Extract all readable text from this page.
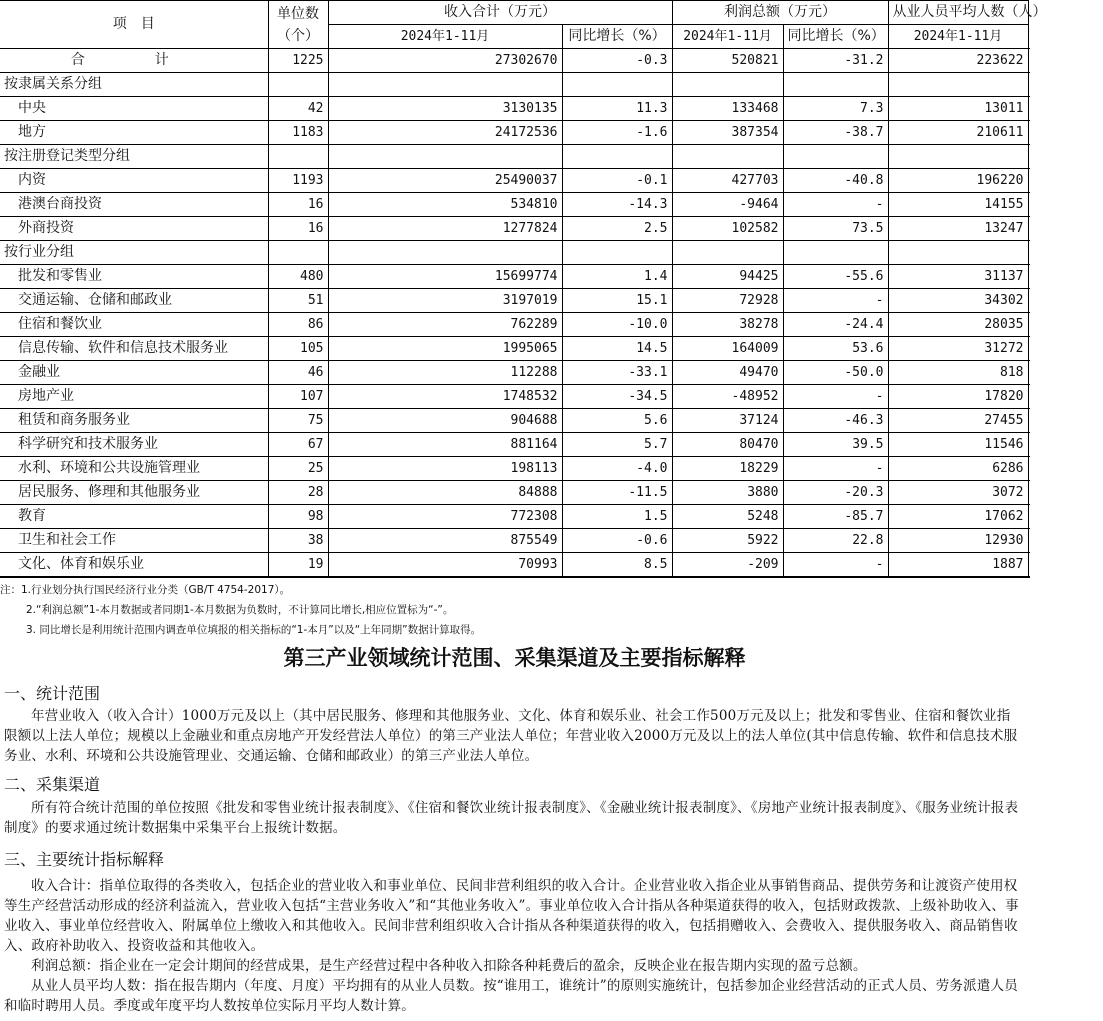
项　目	单位数（个）	收入合计（万元）	利润总额（万元）	从业人员平均人数（人）
2024年1-11月	同比增长（%）	2024年1-11月	同比增长（%）	2024年1-11月	
合　计	1225	27302670	-0.3	520821	-31.2	223622	
按隶属关系分组							
中央	42	3130135	11.3	133468	7.3	13011	
地方	1183	24172536	-1.6	387354	-38.7	210611	
按注册登记类型分组							
内资	1193	25490037	-0.1	427703	-40.8	196220	
港澳台商投资	16	534810	-14.3	-9464	-	14155	
外商投资	16	1277824	2.5	102582	73.5	13247	
按行业分组							
批发和零售业	480	15699774	1.4	94425	-55.6	31137	
交通运输、仓储和邮政业	51	3197019	15.1	72928	-	34302	
住宿和餐饮业	86	762289	-10.0	38278	-24.4	28035	
信息传输、软件和信息技术服务业	105	1995065	14.5	164009	53.6	31272	
金融业	46	112288	-33.1	49470	-50.0	818	
房地产业	107	1748532	-34.5	-48952	-	17820	
租赁和商务服务业	75	904688	5.6	37124	-46.3	27455	
科学研究和技术服务业	67	881164	5.7	80470	39.5	11546	
水利、环境和公共设施管理业	25	198113	-4.0	18229	-	6286	
居民服务、修理和其他服务业	28	84888	-11.5	3880	-20.3	3072	
教育	98	772308	1.5	5248	-85.7	17062	
卫生和社会工作	38	875549	-0.6	5922	22.8	12930	
文化、体育和娱乐业	19	70993	8.5	-209	-	1887	
注：1.行业划分执行国民经济行业分类（GB/T 4754-2017）。
2.“利润总额”1-本月数据或者同期1-本月数据为负数时，不计算同比增长,相应位置标为“-”。
3. 同比增长是利用统计范围内调查单位填报的相关指标的“1-本月”以及“上年同期”数据计算取得。
第三产业领域统计范围、采集渠道及主要指标解释
一、统计范围

年营业收入（收入合计）1000万元及以上（其中居民服务、修理和其他服务业、文化、体育和娱乐业、社会工作500万元及以上；批发和零售业、住宿和餐饮业指限额以上法人单位；规模以上金融业和重点房地产开发经营法人单位）的第三产业法人单位；年营业收入2000万元及以上的法人单位(其中信息传输、软件和信息技术服务业、水利、环境和公共设施管理业、交通运输、仓储和邮政业）的第三产业法人单位。

二、采集渠道

所有符合统计范围的单位按照《批发和零售业统计报表制度》、《住宿和餐饮业统计报表制度》、《金融业统计报表制度》、《房地产业统计报表制度》、《服务业统计报表制度》的要求通过统计数据集中采集平台上报统计数据。

三、主要统计指标解释

收入合计：指单位取得的各类收入，包括企业的营业收入和事业单位、民间非营利组织的收入合计。企业营业收入指企业从事销售商品、提供劳务和让渡资产使用权等生产经营活动形成的经济利益流入，营业收入包括“主营业务收入”和“其他业务收入”。事业单位收入合计指从各种渠道获得的收入，包括财政拨款、上级补助收入、事业收入、事业单位经营收入、附属单位上缴收入和其他收入。民间非营利组织收入合计指从各种渠道获得的收入，包括捐赠收入、会费收入、提供服务收入、商品销售收入、政府补助收入、投资收益和其他收入。

利润总额：指企业在一定会计期间的经营成果，是生产经营过程中各种收入扣除各种耗费后的盈余，反映企业在报告期内实现的盈亏总额。

从业人员平均人数：指在报告期内（年度、月度）平均拥有的从业人员数。按“谁用工，谁统计”的原则实施统计，包括参加企业经营活动的正式人员、劳务派遣人员和临时聘用人员。季度或年度平均人数按单位实际月平均人数计算。
